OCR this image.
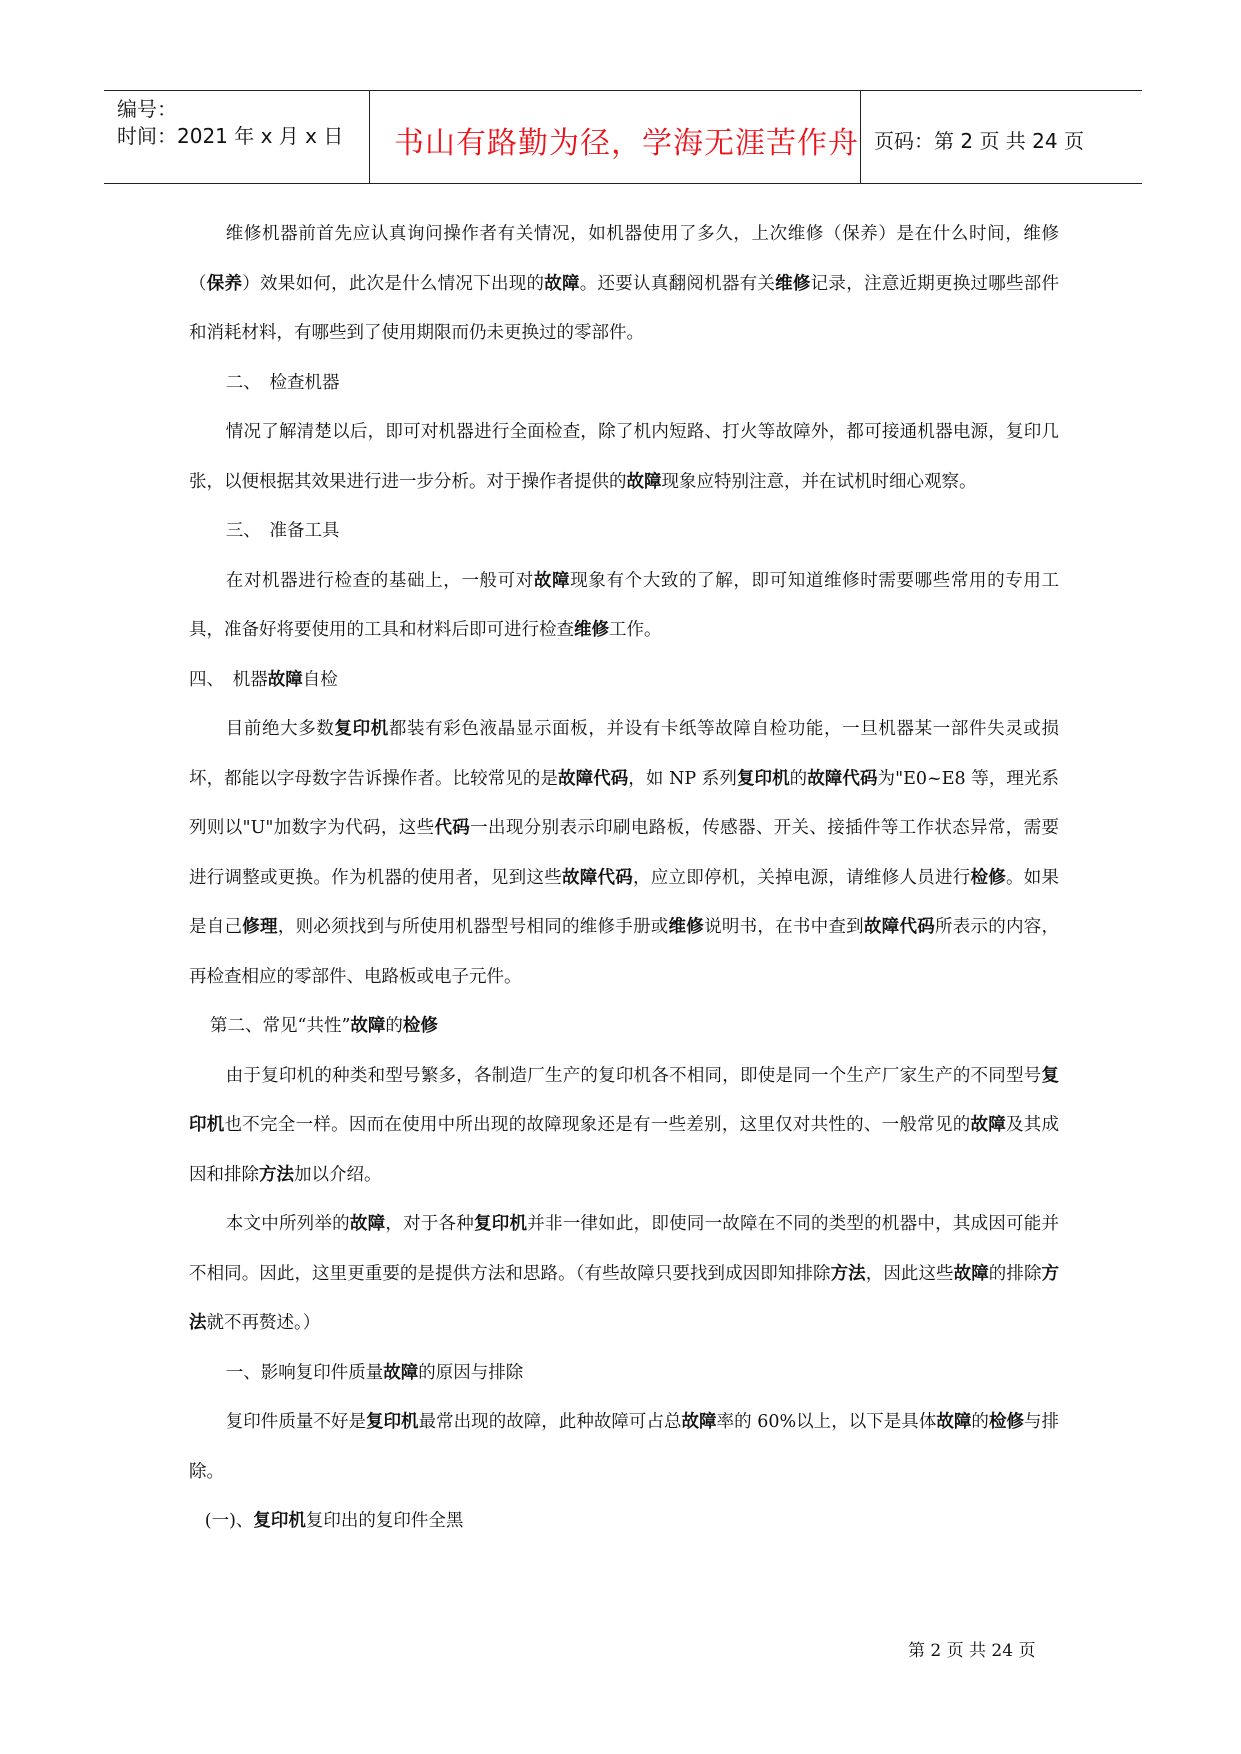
编号：
时间：2021 年 x 月 x 日 书山有路勤为径，学海无涯苦作舟 页码：第 2 页 共 24 页

维修机器前首先应认真询问操作者有关情况，如机器使用了多久，上次维修（保养）是在什么时间，维修（保养）效果如何，此次是什么情况下出现的故障。还要认真翻阅机器有关维修记录，注意近期更换过哪些部件和消耗材料，有哪些到了使用期限而仍未更换过的零部件。

二、　检查机器

情况了解清楚以后，即可对机器进行全面检查，除了机内短路、打火等故障外，都可接通机器电源，复印几张，以便根据其效果进行进一步分析。对于操作者提供的故障现象应特别注意，并在试机时细心观察。

三、　准备工具

在对机器进行检查的基础上，一般可对故障现象有个大致的了解，即可知道维修时需要哪些常用的专用工具，准备好将要使用的工具和材料后即可进行检查维修工作。

四、　机器故障自检

目前绝大多数复印机都装有彩色液晶显示面板，并设有卡纸等故障自检功能，一旦机器某一部件失灵或损坏，都能以字母数字告诉操作者。比较常见的是故障代码，如 NP 系列复印机的故障代码为"E0~E8 等，理光系列则以"U"加数字为代码，这些代码一出现分别表示印刷电路板，传感器、开关、接插件等工作状态异常，需要进行调整或更换。作为机器的使用者，见到这些故障代码，应立即停机，关掉电源，请维修人员进行检修。如果是自己修理，则必须找到与所使用机器型号相同的维修手册或维修说明书，在书中查到故障代码所表示的内容，再检查相应的零部件、电路板或电子元件。

第二、常见“共性”故障的检修

由于复印机的种类和型号繁多，各制造厂生产的复印机各不相同，即使是同一个生产厂家生产的不同型号复印机也不完全一样。因而在使用中所出现的故障现象还是有一些差别，这里仅对共性的、一般常见的故障及其成因和排除方法加以介绍。

本文中所列举的故障，对于各种复印机并非一律如此，即使同一故障在不同的类型的机器中，其成因可能并不相同。因此，这里更重要的是提供方法和思路。（有些故障只要找到成因即知排除方法，因此这些故障的排除方法就不再赘述。）

一、影响复印件质量故障的原因与排除

复印件质量不好是复印机最常出现的故障，此种故障可占总故障率的 60%以上，以下是具体故障的检修与排除。

(一)、复印机复印出的复印件全黑

第 2 页 共 24 页
